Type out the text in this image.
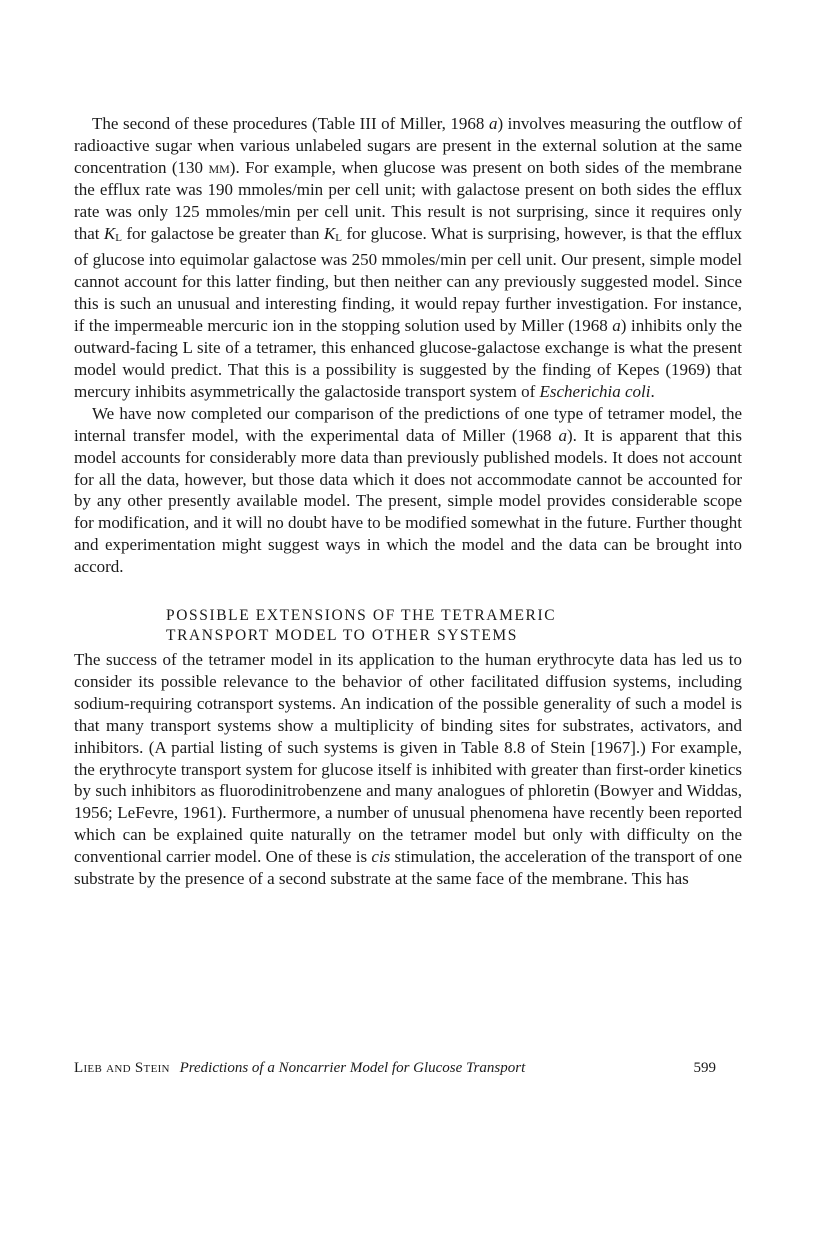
The second of these procedures (Table III of Miller, 1968 a) involves measuring the outflow of radioactive sugar when various unlabeled sugars are present in the external solution at the same concentration (130 mm). For example, when glucose was present on both sides of the membrane the efflux rate was 190 mmoles/min per cell unit; with galactose present on both sides the efflux rate was only 125 mmoles/min per cell unit. This result is not surprising, since it requires only that KL for galactose be greater than KL for glucose. What is surprising, however, is that the efflux of glucose into equimolar galactose was 250 mmoles/min per cell unit. Our present, simple model cannot account for this latter finding, but then neither can any previously suggested model. Since this is such an unusual and interesting finding, it would repay further investigation. For instance, if the impermeable mercuric ion in the stopping solution used by Miller (1968 a) inhibits only the outward-facing L site of a tetramer, this enhanced glucose-galactose exchange is what the present model would predict. That this is a possibility is suggested by the finding of Kepes (1969) that mercury inhibits asymmetrically the galactoside transport system of Escherichia coli.

We have now completed our comparison of the predictions of one type of tetramer model, the internal transfer model, with the experimental data of Miller (1968 a). It is apparent that this model accounts for considerably more data than previously published models. It does not account for all the data, however, but those data which it does not accommodate cannot be accounted for by any other presently available model. The present, simple model provides considerable scope for modification, and it will no doubt have to be modified somewhat in the future. Further thought and experimentation might suggest ways in which the model and the data can be brought into accord.

POSSIBLE EXTENSIONS OF THE TETRAMERIC
TRANSPORT MODEL TO OTHER SYSTEMS

The success of the tetramer model in its application to the human erythrocyte data has led us to consider its possible relevance to the behavior of other facilitated diffusion systems, including sodium-requiring cotransport systems. An indication of the possible generality of such a model is that many transport systems show a multiplicity of binding sites for substrates, activators, and inhibitors. (A partial listing of such systems is given in Table 8.8 of Stein [1967].) For example, the erythrocyte transport system for glucose itself is inhibited with greater than first-order kinetics by such inhibitors as fluorodinitrobenzene and many analogues of phloretin (Bowyer and Widdas, 1956; LeFevre, 1961). Furthermore, a number of unusual phenomena have recently been reported which can be explained quite naturally on the tetramer model but only with difficulty on the conventional carrier model. One of these is cis stimulation, the acceleration of the transport of one substrate by the presence of a second substrate at the same face of the membrane. This has

Lieb and Stein Predictions of a Noncarrier Model for Glucose Transport	599
